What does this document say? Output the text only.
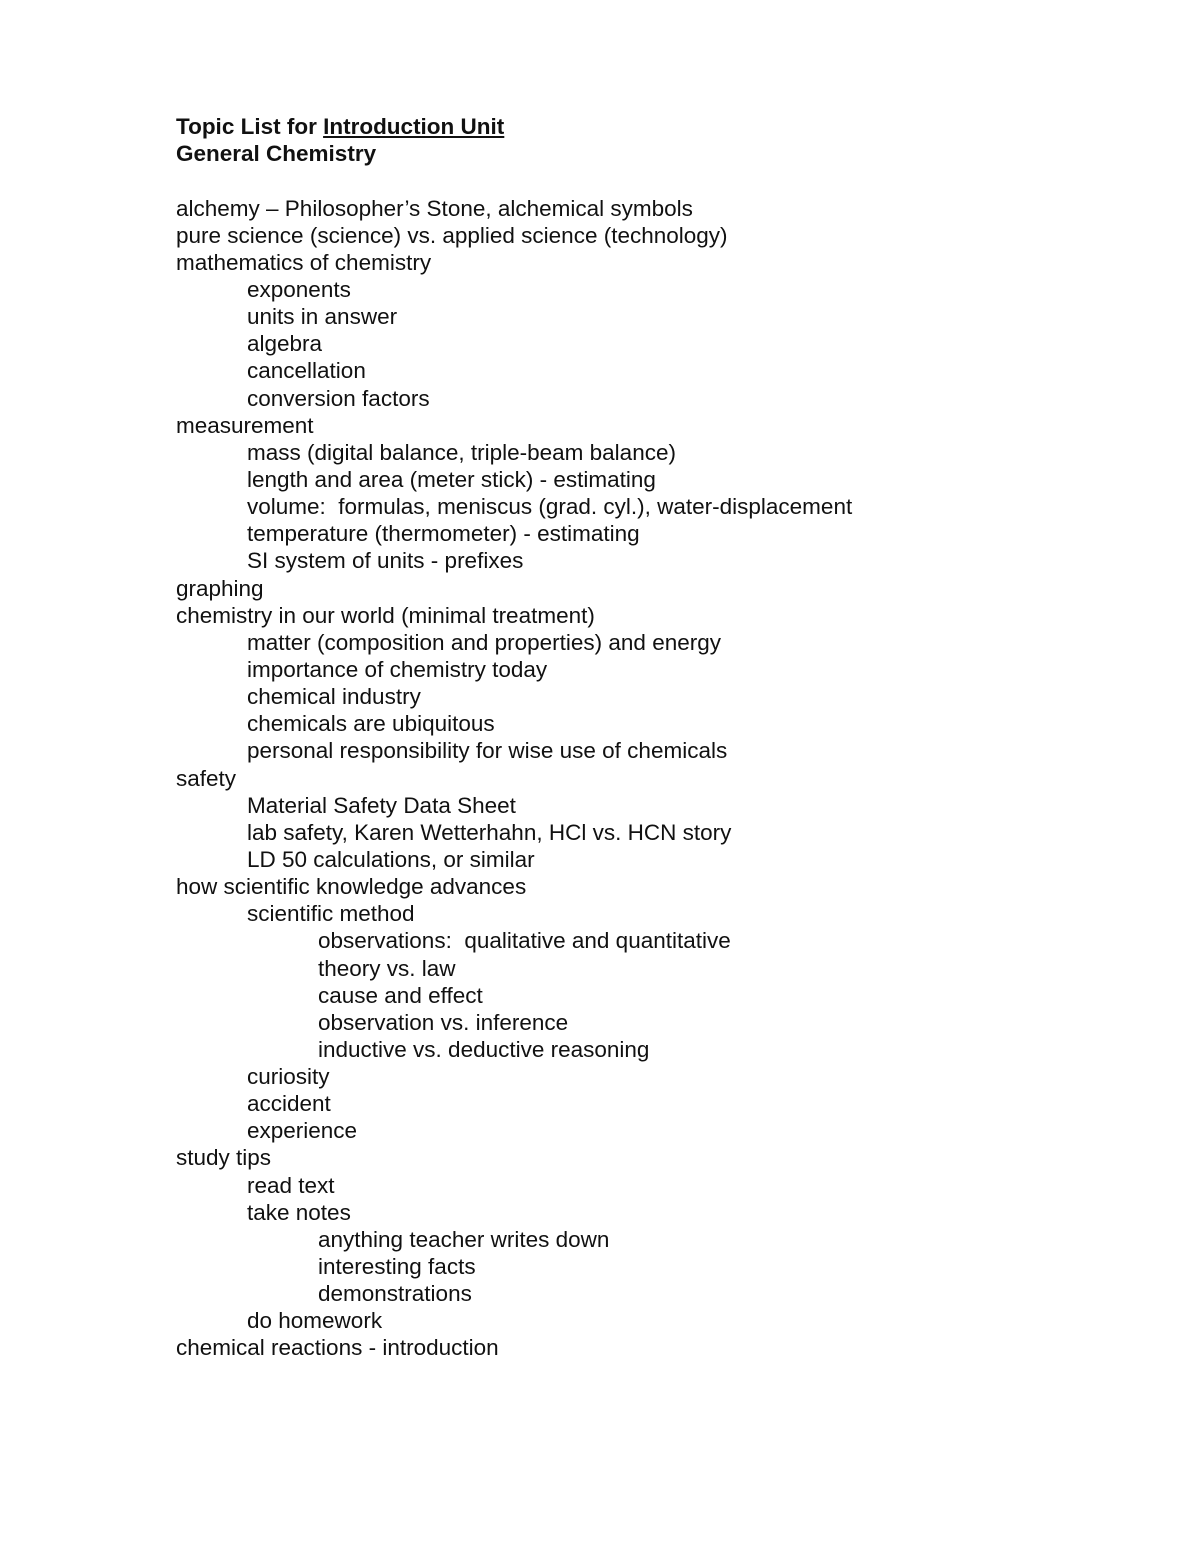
Topic List for Introduction Unit
General Chemistry
alchemy – Philosopher’s Stone, alchemical symbols
pure science (science) vs. applied science (technology)
mathematics of chemistry
exponents
units in answer
algebra
cancellation
conversion factors
measurement
mass (digital balance, triple-beam balance)
length and area (meter stick) - estimating
volume:  formulas, meniscus (grad. cyl.), water-displacement
temperature (thermometer) - estimating
SI system of units - prefixes
graphing
chemistry in our world (minimal treatment)
matter (composition and properties) and energy
importance of chemistry today
chemical industry
chemicals are ubiquitous
personal responsibility for wise use of chemicals
safety
Material Safety Data Sheet
lab safety, Karen Wetterhahn, HCl vs. HCN story
LD 50 calculations, or similar
how scientific knowledge advances
scientific method
observations:  qualitative and quantitative
theory vs. law
cause and effect
observation vs. inference
inductive vs. deductive reasoning
curiosity
accident
experience
study tips
read text
take notes
anything teacher writes down
interesting facts
demonstrations
do homework
chemical reactions - introduction
